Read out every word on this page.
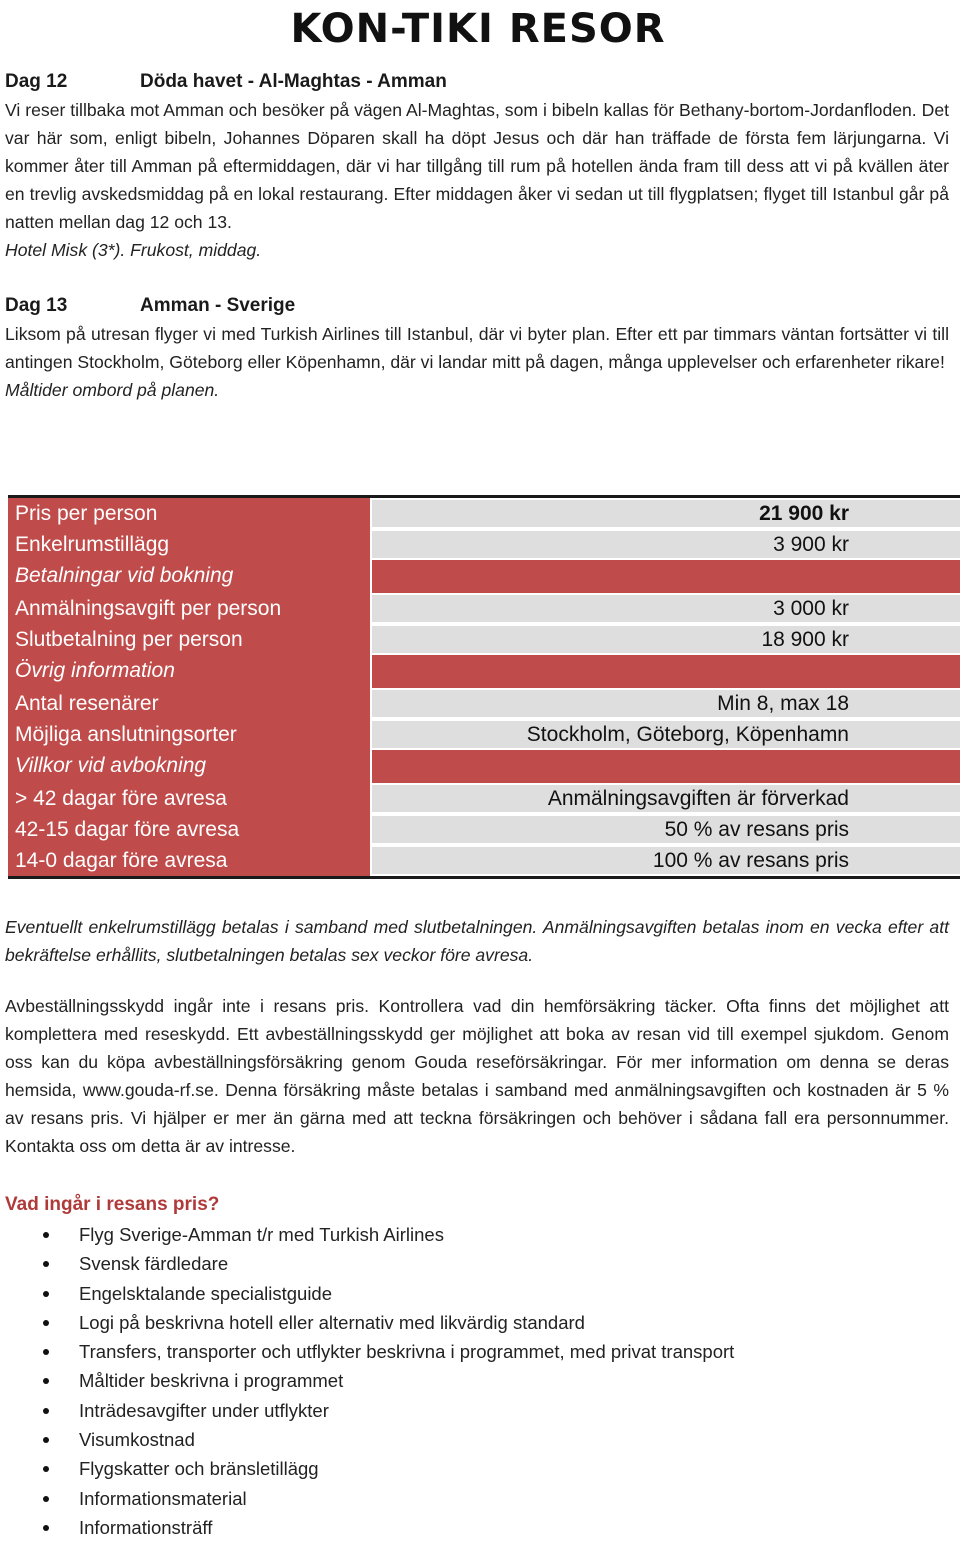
KON-TIKI RESOR
Dag 12	Döda havet - Al-Maghtas - Amman

Vi reser tillbaka mot Amman och besöker på vägen Al-Maghtas, som i bibeln kallas för Bethany-bortom-Jordanfloden. Det var här som, enligt bibeln, Johannes Döparen skall ha döpt Jesus och där han träffade de första fem lärjungarna. Vi kommer åter till Amman på eftermiddagen, där vi har tillgång till rum på hotellen ända fram till dess att vi på kvällen äter en trevlig avskedsmiddag på en lokal restaurang. Efter middagen åker vi sedan ut till flygplatsen; flyget till Istanbul går på natten mellan dag 12 och 13.

Hotel Misk (3*). Frukost, middag.

Dag 13	Amman - Sverige

Liksom på utresan flyger vi med Turkish Airlines till Istanbul, där vi byter plan. Efter ett par timmars väntan fortsätter vi till antingen Stockholm, Göteborg eller Köpenhamn, där vi landar mitt på dagen, många upplevelser och erfarenheter rikare!

Måltider ombord på planen.

Pris per person	21 900 kr
Enkelrumstillägg	3 900 kr
Betalningar vid bokning
Anmälningsavgift per person	3 000 kr
Slutbetalning per person	18 900 kr
Övrig information
Antal resenärer	Min 8, max 18
Möjliga anslutningsorter	Stockholm, Göteborg, Köpenhamn
Villkor vid avbokning
> 42 dagar före avresa	Anmälningsavgiften är förverkad
42-15 dagar före avresa	50 % av resans pris
14-0 dagar före avresa	100 % av resans pris

Eventuellt enkelrumstillägg betalas i samband med slutbetalningen. Anmälningsavgiften betalas inom en vecka efter att bekräftelse erhållits, slutbetalningen betalas sex veckor före avresa.

Avbeställningsskydd ingår inte i resans pris. Kontrollera vad din hemförsäkring täcker. Ofta finns det möjlighet att komplettera med reseskydd. Ett avbeställningsskydd ger möjlighet att boka av resan vid till exempel sjukdom. Genom oss kan du köpa avbeställningsförsäkring genom Gouda reseförsäkringar. För mer information om denna se deras hemsida, www.gouda-rf.se. Denna försäkring måste betalas i samband med anmälningsavgiften och kostnaden är 5 % av resans pris. Vi hjälper er mer än gärna med att teckna försäkringen och behöver i sådana fall era personnummer. Kontakta oss om detta är av intresse.

Vad ingår i resans pris?
Flyg Sverige-Amman t/r med Turkish Airlines
Svensk färdledare
Engelsktalande specialistguide
Logi på beskrivna hotell eller alternativ med likvärdig standard
Transfers, transporter och utflykter beskrivna i programmet, med privat transport
Måltider beskrivna i programmet
Inträdesavgifter under utflykter
Visumkostnad
Flygskatter och bränsletillägg
Informationsmaterial
Informationsträff
